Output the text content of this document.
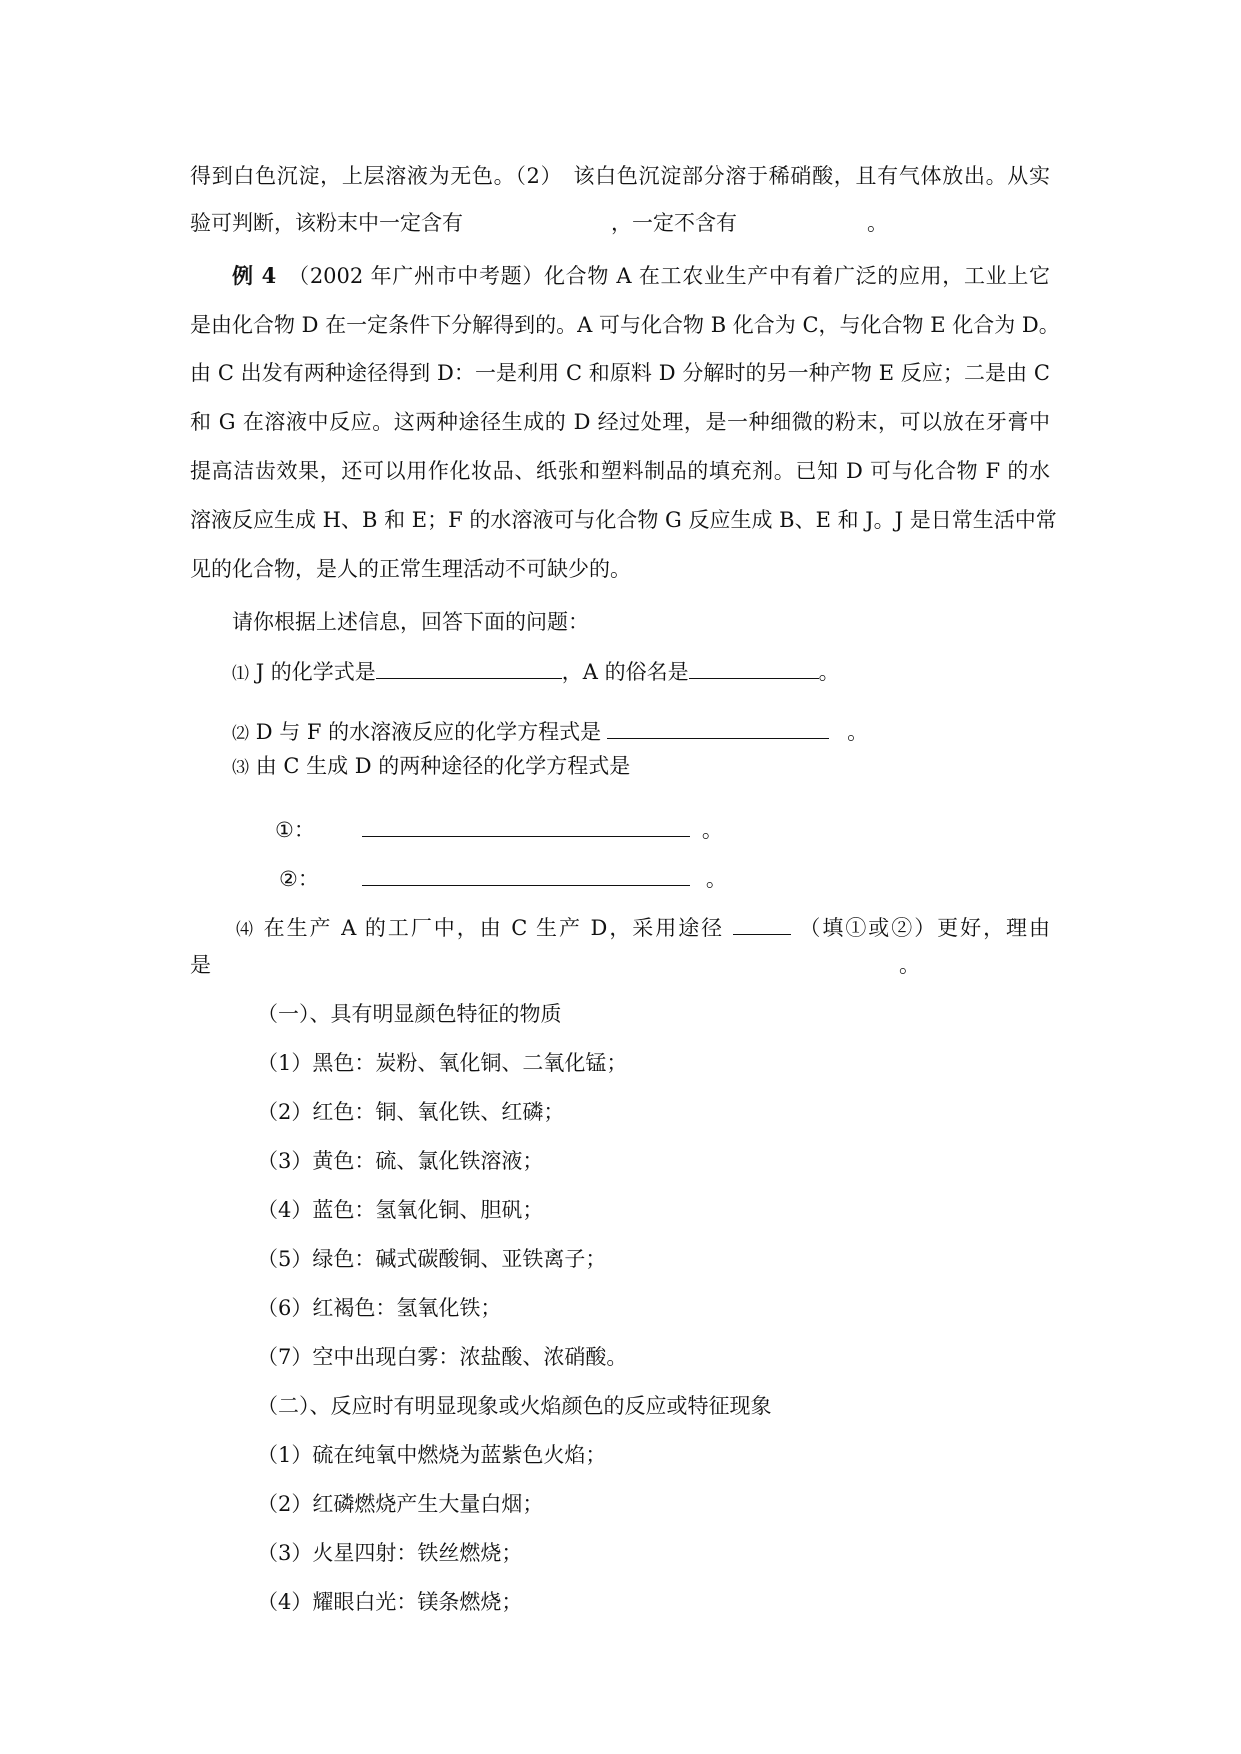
得到白色沉淀，上层溶液为无色。（2）　该白色沉淀部分溶于稀硝酸，且有气体放出。从实
验可判断，该粉末中一定含有	，一定不含有	。
例 4　 （2002 年广州市中考题）化合物 A 在工农业生产中有着广泛的应用，工业上它
是由化合物 D 在一定条件下分解得到的。A 可与化合物 B 化合为 C，与化合物 E 化合为 D。
由 C 出发有两种途径得到 D：一是利用 C 和原料 D 分解时的另一种产物 E 反应；二是由 C
和 G 在溶液中反应。这两种途径生成的 D 经过处理，是一种细微的粉末，可以放在牙膏中
提高洁齿效果，还可以用作化妆品、纸张和塑料制品的填充剂。已知 D 可与化合物 F 的水
溶液反应生成 H、B 和 E；F 的水溶液可与化合物 G 反应生成 B、E 和 J。J 是日常生活中常
见的化合物，是人的正常生理活动不可缺少的。
请你根据上述信息，回答下面的问题：
⑴ J 的化学式是	，A 的俗名是	。
⑵ D 与 F 的水溶液反应的化学方程式是	。
⑶ 由 C 生成 D 的两种途径的化学方程式是
①：	。
②：	。
⑷ 在生产 A 的工厂中，由 C 生产 D，采用途径	（填①或②）更好，理由
是	。
（一）、具有明显颜色特征的物质
（1）黑色：炭粉、氧化铜、二氧化锰；
（2）红色：铜、氧化铁、红磷；
（3）黄色：硫、氯化铁溶液；
（4）蓝色：氢氧化铜、胆矾；
（5）绿色：碱式碳酸铜、亚铁离子；
（6）红褐色：氢氧化铁；
（7）空中出现白雾：浓盐酸、浓硝酸。
（二）、反应时有明显现象或火焰颜色的反应或特征现象
（1）硫在纯氧中燃烧为蓝紫色火焰；
（2）红磷燃烧产生大量白烟；
（3）火星四射：铁丝燃烧；
（4）耀眼白光：镁条燃烧；
